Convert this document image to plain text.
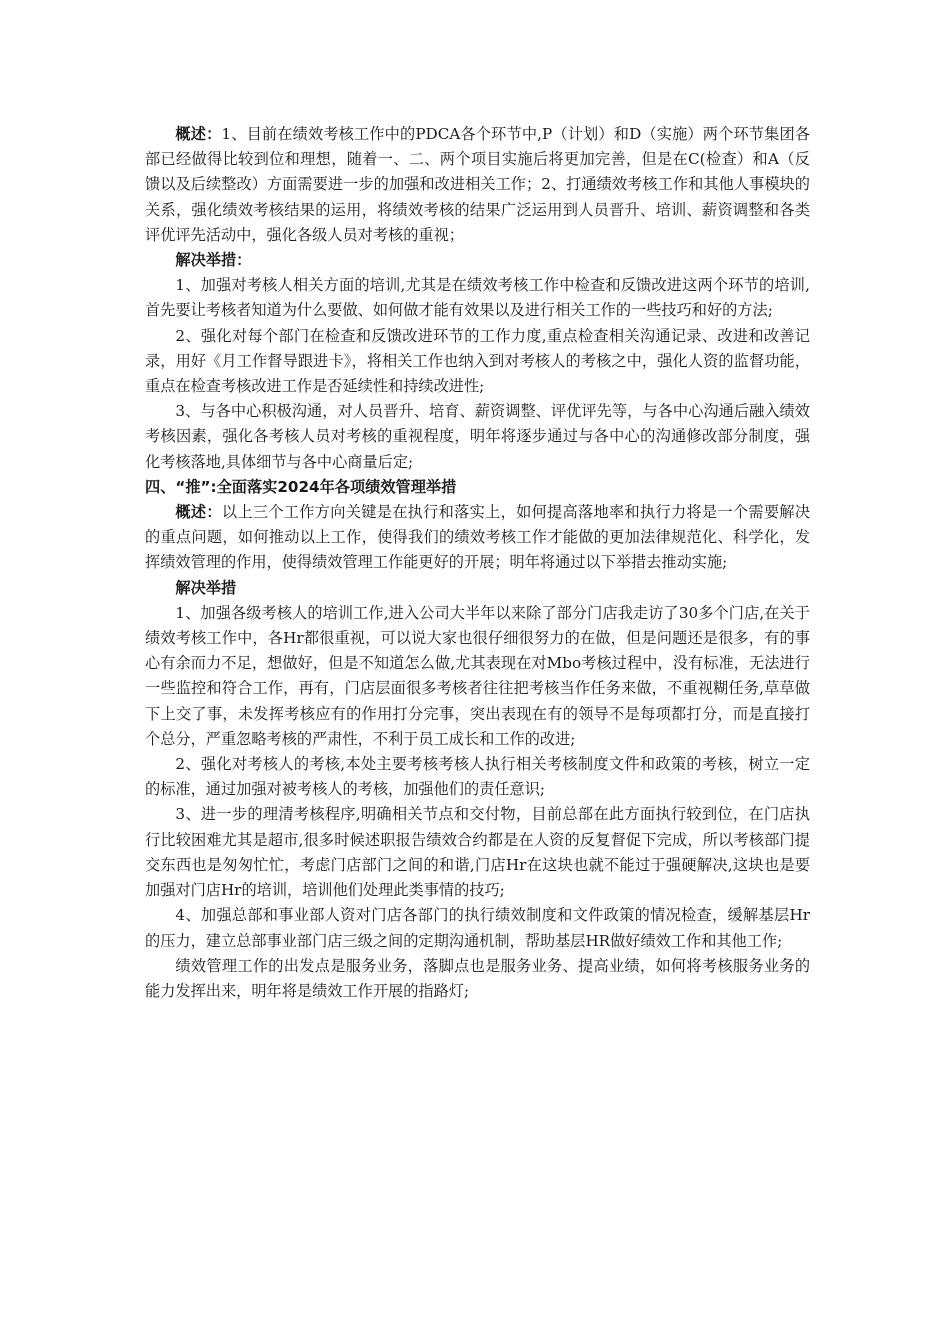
概述：1、目前在绩效考核工作中的PDCA各个环节中,P（计划）和D（实施）两个环节集团各部已经做得比较到位和理想，随着一、二、两个项目实施后将更加完善，但是在C(检查）和A（反馈以及后续整改）方面需要进一步的加强和改进相关工作；2、打通绩效考核工作和其他人事模块的关系，强化绩效考核结果的运用，将绩效考核的结果广泛运用到人员晋升、培训、薪资调整和各类评优评先活动中，强化各级人员对考核的重视；

解决举措：

1、加强对考核人相关方面的培训,尤其是在绩效考核工作中检查和反馈改进这两个环节的培训,首先要让考核者知道为什么要做、如何做才能有效果以及进行相关工作的一些技巧和好的方法;

2、强化对每个部门在检查和反馈改进环节的工作力度,重点检查相关沟通记录、改进和改善记录，用好《月工作督导跟进卡》，将相关工作也纳入到对考核人的考核之中，强化人资的监督功能，重点在检查考核改进工作是否延续性和持续改进性;

3、与各中心积极沟通，对人员晋升、培育、薪资调整、评优评先等，与各中心沟通后融入绩效考核因素，强化各考核人员对考核的重视程度，明年将逐步通过与各中心的沟通修改部分制度，强化考核落地,具体细节与各中心商量后定;

四、“推”:全面落实2024年各项绩效管理举措

概述：以上三个工作方向关键是在执行和落实上，如何提高落地率和执行力将是一个需要解决的重点问题，如何推动以上工作，使得我们的绩效考核工作才能做的更加法律规范化、科学化，发挥绩效管理的作用，使得绩效管理工作能更好的开展；明年将通过以下举措去推动实施;

解决举措

1、加强各级考核人的培训工作,进入公司大半年以来除了部分门店我走访了30多个门店,在关于绩效考核工作中，各Hr都很重视，可以说大家也很仔细很努力的在做，但是问题还是很多，有的事心有余而力不足，想做好，但是不知道怎么做,尤其表现在对Mbo考核过程中，没有标准，无法进行一些监控和符合工作，再有，门店层面很多考核者往往把考核当作任务来做，不重视糊任务,草草做下上交了事，未发挥考核应有的作用打分完事，突出表现在有的领导不是每项都打分，而是直接打个总分，严重忽略考核的严肃性，不利于员工成长和工作的改进;

2、强化对考核人的考核,本处主要考核考核人执行相关考核制度文件和政策的考核，树立一定的标准，通过加强对被考核人的考核，加强他们的责任意识;

3、进一步的理清考核程序,明确相关节点和交付物，目前总部在此方面执行较到位，在门店执行比较困难尤其是超市,很多时候述职报告绩效合约都是在人资的反复督促下完成，所以考核部门提交东西也是匆匆忙忙，考虑门店部门之间的和谐,门店Hr在这块也就不能过于强硬解决,这块也是要加强对门店Hr的培训，培训他们处理此类事情的技巧;

4、加强总部和事业部人资对门店各部门的执行绩效制度和文件政策的情况检查，缓解基层Hr的压力，建立总部事业部门店三级之间的定期沟通机制，帮助基层HR做好绩效工作和其他工作;

绩效管理工作的出发点是服务业务，落脚点也是服务业务、提高业绩，如何将考核服务业务的能力发挥出来，明年将是绩效工作开展的指路灯;
